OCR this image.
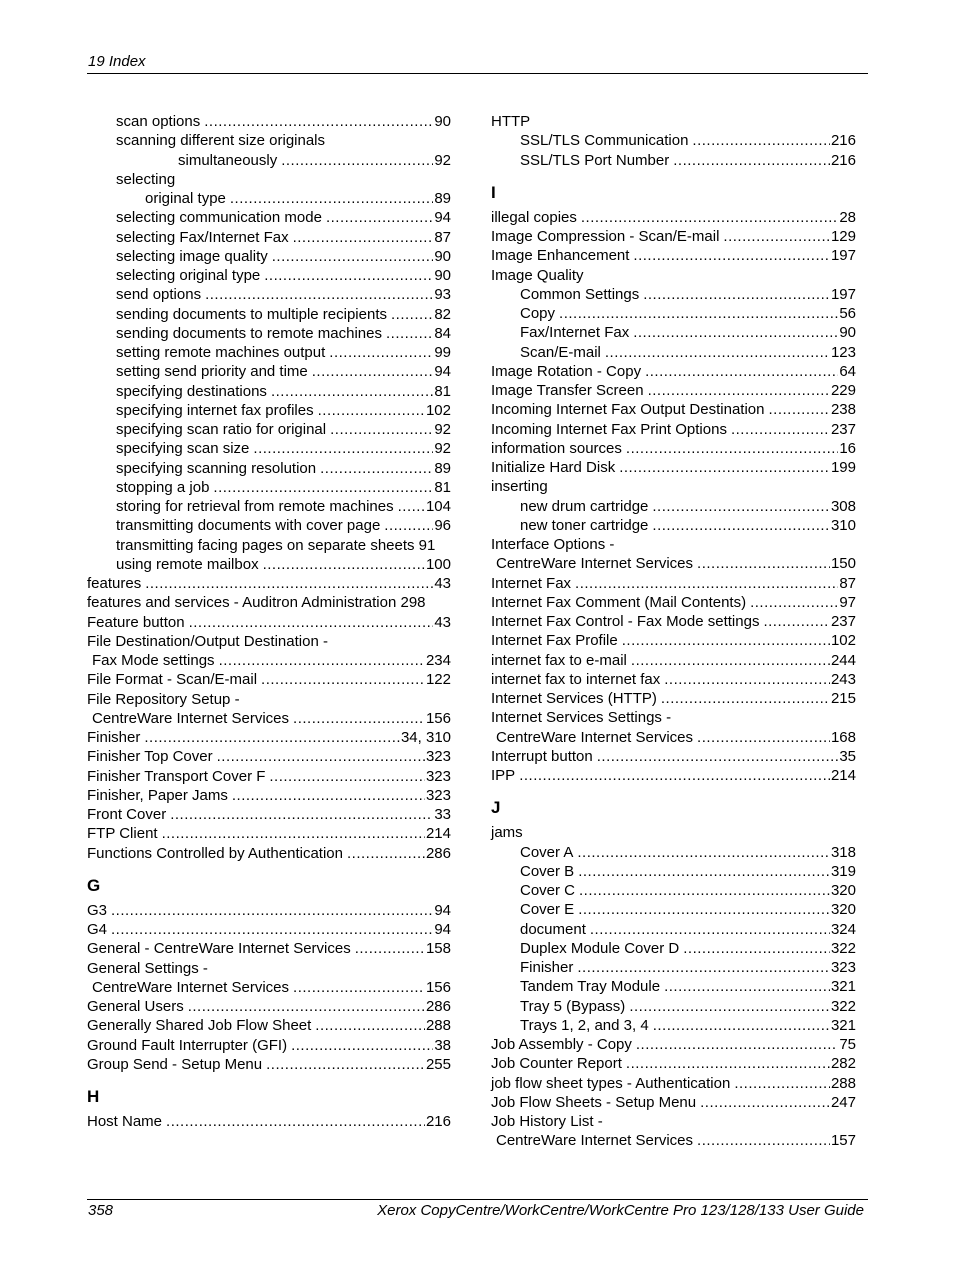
19 Index
scan options .....	90
scanning different size originals
simultaneously .....	92
selecting
original type .....	89
selecting communication mode .....	94
selecting Fax/Internet Fax .....	87
selecting image quality .....	90
selecting original type .....	90
send options .....	93
sending documents to multiple recipients .....	82
sending documents to remote machines .....	84
setting remote machines output .....	99
setting send priority and time .....	94
specifying destinations .....	81
specifying internet fax profiles .....	102
specifying scan ratio for original .....	92
specifying scan size .....	92
specifying scanning resolution .....	89
stopping a job .....	81
storing for retrieval from remote machines ..... 104
transmitting documents with cover page .....	96
transmitting facing pages on separate sheets 91
using remote mailbox .....	100
features .....	43
features and services - Auditron Administration 298
Feature button .....	43
File Destination/Output Destination -
Fax Mode settings .....	234
File Format - Scan/E-mail .....	122
File Repository Setup -
CentreWare Internet Services .....	156
Finisher .....	34, 310
Finisher Top Cover .....	323
Finisher Transport Cover F .....	323
Finisher, Paper Jams .....	323
Front Cover .....	33
FTP Client .....	214
Functions Controlled by Authentication .....	286
G
G3 .....	94
G4 .....	94
General - CentreWare Internet Services .....	158
General Settings -
CentreWare Internet Services .....	156
General Users .....	286
Generally Shared Job Flow Sheet .....	288
Ground Fault Interrupter (GFI) .....	38
Group Send - Setup Menu .....	255
H
Host Name .....	216
HTTP
SSL/TLS Communication .....	216
SSL/TLS Port Number .....	216
I
illegal copies .....	28
Image Compression - Scan/E-mail .....	129
Image Enhancement .....	197
Image Quality
Common Settings .....	197
Copy .....	56
Fax/Internet Fax .....	90
Scan/E-mail .....	123
Image Rotation - Copy .....	64
Image Transfer Screen .....	229
Incoming Internet Fax Output Destination .....	238
Incoming Internet Fax Print Options .....	237
information sources .....	16
Initialize Hard Disk .....	199
inserting
new drum cartridge .....	308
new toner cartridge .....	310
Interface Options -
CentreWare Internet Services .....	150
Internet Fax .....	87
Internet Fax Comment (Mail Contents) .....	97
Internet Fax Control - Fax Mode settings .....	237
Internet Fax Profile .....	102
internet fax to e-mail .....	244
internet fax to internet fax .....	243
Internet Services (HTTP) .....	215
Internet Services Settings -
CentreWare Internet Services .....	168
Interrupt button .....	35
IPP .....	214
J
jams
Cover A .....	318
Cover B .....	319
Cover C .....	320
Cover E .....	320
document .....	324
Duplex Module Cover D .....	322
Finisher .....	323
Tandem Tray Module .....	321
Tray 5 (Bypass) .....	322
Trays 1, 2, and 3, 4 .....	321
Job Assembly - Copy .....	75
Job Counter Report .....	282
job flow sheet types - Authentication .....	288
Job Flow Sheets - Setup Menu .....	247
Job History List -
CentreWare Internet Services .....	157
358	Xerox CopyCentre/WorkCentre/WorkCentre Pro 123/128/133 User Guide
